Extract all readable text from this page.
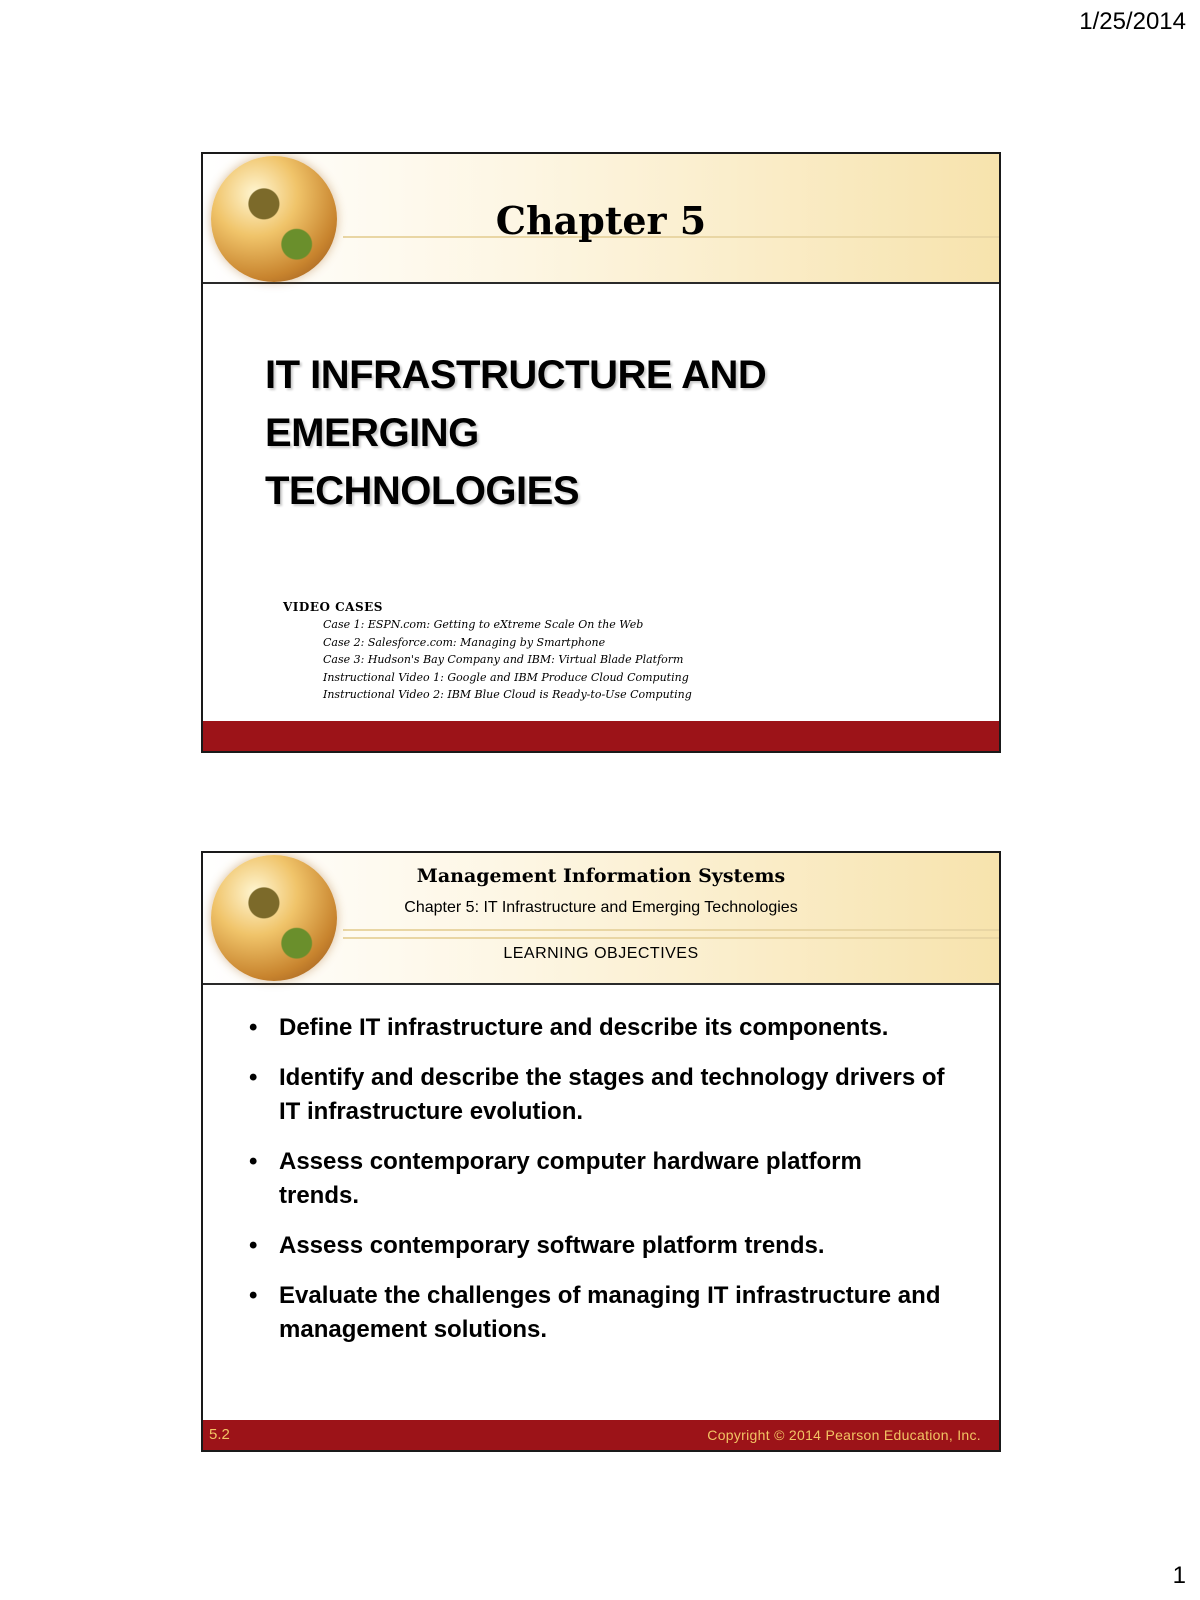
1/25/2014
Chapter 5
IT INFRASTRUCTURE AND
EMERGING TECHNOLOGIES
VIDEO CASES
Case 1: ESPN.com: Getting to eXtreme Scale On the Web
Case 2: Salesforce.com: Managing by Smartphone
Case 3: Hudson's Bay Company and IBM: Virtual Blade Platform
Instructional Video 1: Google and IBM Produce Cloud Computing
Instructional Video 2: IBM Blue Cloud is Ready-to-Use Computing
Management Information Systems
Chapter 5: IT Infrastructure and Emerging Technologies
LEARNING OBJECTIVES
• Define IT infrastructure and describe its components.
• Identify and describe the stages and technology drivers of IT infrastructure evolution.
• Assess contemporary computer hardware platform trends.
• Assess contemporary software platform trends.
• Evaluate the challenges of managing IT infrastructure and management solutions.
5.2	Copyright © 2014 Pearson Education, Inc.
1
